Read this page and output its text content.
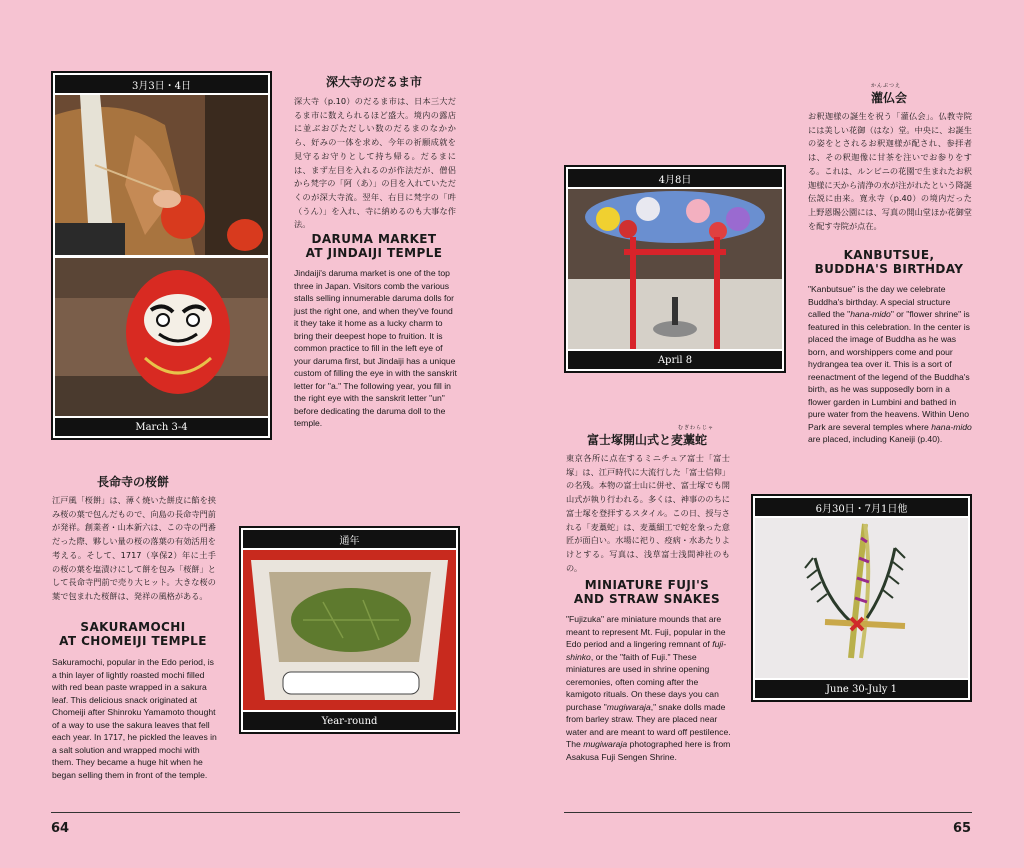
3月3日・4日
March 3-4
深大寺のだるま市

深大寺（p.10）のだるま市は、日本三大だるま市に数えられるほど盛大。境内の露店に並ぶおびただしい数のだるまのなかから、好みの一体を求め、今年の祈願成就を見守るお守りとして持ち帰る。だるまには、まず左目を入れるのが作法だが、僧侶から梵字の「阿（あ）」の目を入れていただくのが深大寺流。翌年、右目に梵字の「吽（うん）」を入れ、寺に納めるのも大事な作法。

DARUMA MARKET
AT JINDAIJI TEMPLE

Jindaiji's daruma market is one of the top three in Japan. Visitors comb the various stalls selling innumerable daruma dolls for just the right one, and when they've found it they take it home as a lucky charm to bring their deepest hope to fruition. It is common practice to fill in the left eye of your daruma first, but Jindaiji has a unique custom of filling the eye in with the sanskrit letter for "a." The following year, you fill in the right eye with the sanskrit letter "un" before dedicating the daruma doll to the temple.

長命寺の桜餅

江戸風「桜餅」は、薄く焼いた餅皮に餡を挟み桜の葉で包んだもので、向島の長命寺門前が発祥。創業者・山本新六は、この寺の門番だった際、夥しい量の桜の落葉の有効活用を考える。そして、1717（享保2）年に土手の桜の葉を塩漬けにして餅を包み「桜餅」として長命寺門前で売り大ヒット。大きな桜の葉で包まれた桜餅は、発祥の風格がある。

SAKURAMOCHI
AT CHOMEIJI TEMPLE

Sakuramochi, popular in the Edo period, is a thin layer of lightly roasted mochi filled with red bean paste wrapped in a sakura leaf. This delicious snack originated at Chomeiji after Shinroku Yamamoto thought of a way to use the sakura leaves that fell each year. In 1717, he pickled the leaves in a salt solution and wrapped mochi with them. They became a huge hit when he began selling them in front of the temple.

通年
Year-round
64
4月8日
April 8
かんぶつえ
灌仏会

お釈迦様の誕生を祝う「灌仏会」。仏教寺院には美しい花御（はな）堂。中央に、お誕生の姿をとされるお釈迦様が配され、参拝者は、その釈迦像に甘茶を注いでお参りをする。これは、ルンビニの花園で生まれたお釈迦様に天から清浄の水が注がれたという降誕伝説に由来。寛永寺（p.40）の境内だった上野恩賜公園には、写真の開山堂ほか花御堂を配す寺院が点在。

KANBUTSUE,
BUDDHA'S BIRTHDAY

"Kanbutsue" is the day we celebrate Buddha's birthday. A special structure called the "hana-mido" or "flower shrine" is featured in this celebration. In the center is placed the image of Buddha as he was born, and worshippers come and pour hydrangea tea over it. This is a sort of reenactment of the legend of the Buddha's birth, as he was supposedly born in a flower garden in Lumbini and bathed in pure water from the heavens. Within Ueno Park are several temples where hana-mido are placed, including Kaneiji (p.40).

むぎわらじゃ
富士塚開山式と麦藁蛇

東京各所に点在するミニチュア富士「富士塚」は、江戸時代に大流行した「富士信仰」の名残。本物の富士山に併せ、富士塚でも開山式が執り行われる。多くは、神事ののちに富士塚を登拝するスタイル。この日、授与される「麦藁蛇」は、麦藁細工で蛇を象った意匠が面白い。水場に祀り、疫病・水あたりよけとする。写真は、浅草富士浅間神社のもの。

MINIATURE FUJI'S
AND STRAW SNAKES

"Fujizuka" are miniature mounds that are meant to represent Mt. Fuji, popular in the Edo period and a lingering remnant of fuji-shinko, or the "faith of Fuji." These miniatures are used in shrine opening ceremonies, often coming after the kamigoto rituals. On these days you can purchase "mugiwaraja," snake dolls made from barley straw. They are placed near water and are meant to ward off pestilence. The mugiwaraja photographed here is from Asakusa Fuji Sengen Shrine.

6月30日・7月1日他
June 30-July 1
65
